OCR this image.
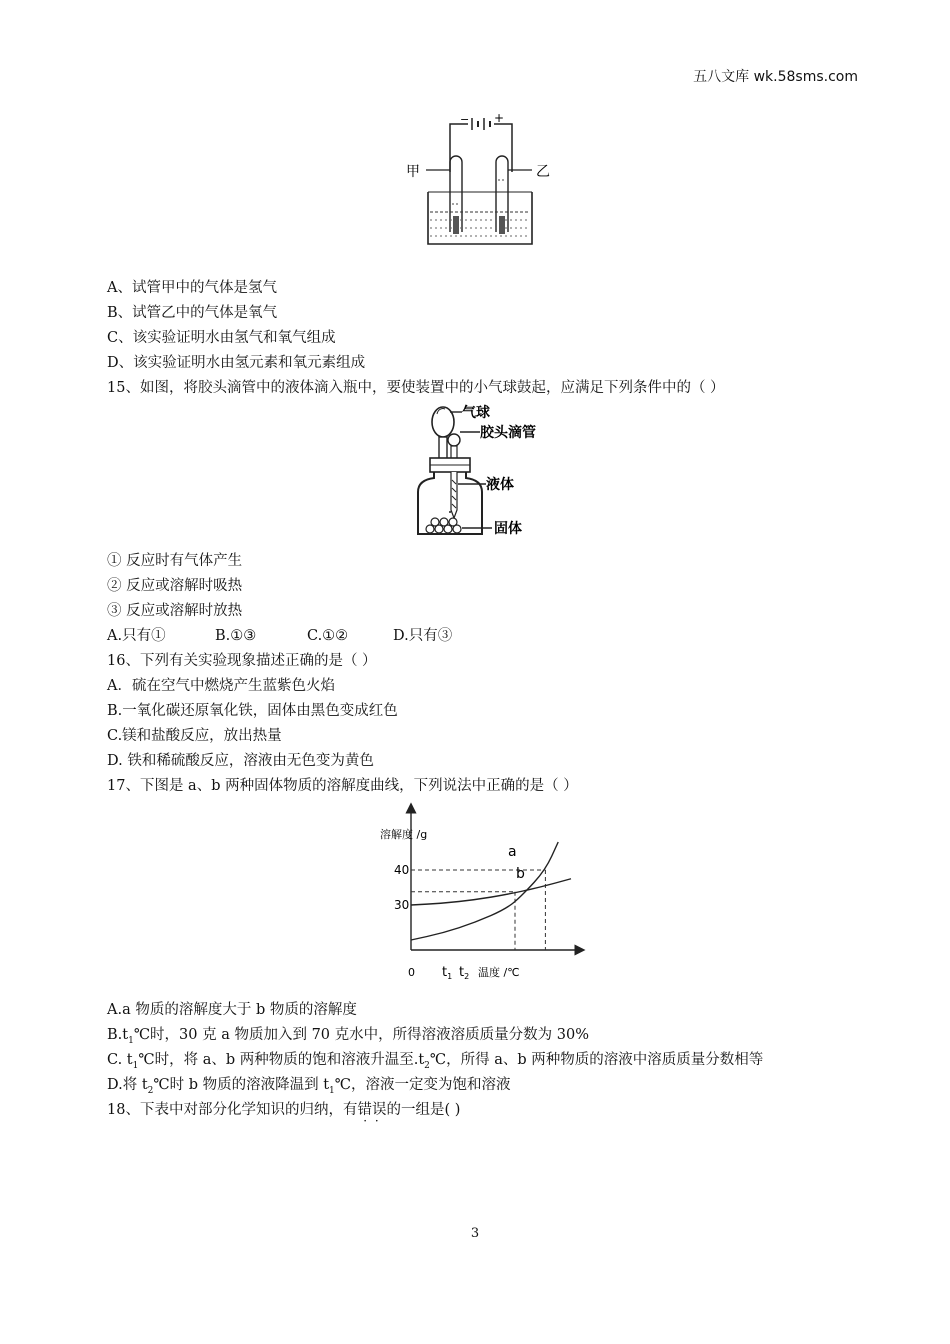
五八文库 wk.58sms.com
− +
甲	乙
A、试管甲中的气体是氢气
B、试管乙中的气体是氧气
C、该实验证明水由氢气和氧气组成
D、该实验证明水由氢元素和氧元素组成
15、如图，将胶头滴管中的液体滴入瓶中，要使装置中的小气球鼓起，应满足下列条件中的（ ）
气球
胶头滴管
液体
固体
① 反应时有气体产生
② 反应或溶解时吸热
③ 反应或溶解时放热
A.只有①	B.①③	C.①②	D.只有③
16、下列有关实验现象描述正确的是（ ）
A．硫在空气中燃烧产生蓝紫色火焰
B.一氧化碳还原氧化铁，固体由黑色变成红色
C.镁和盐酸反应，放出热量
D. 铁和稀硫酸反应，溶液由无色变为黄色
17、下图是 a、b 两种固体物质的溶解度曲线，下列说法中正确的是（ ）
溶解度 /g
40
30
0 $t_1$ $t_2$ 温度 /℃
a
b
A.a 物质的溶解度大于 b 物质的溶解度
$B.t_1℃$时，30 克 a 物质加入到 70 克水中，所得溶液溶质质量分数为 30%
C. $t_1℃$时，将 a、b 两种物质的饱和溶液升温至$.t_2℃$，所得 a、b 两种物质的溶液中溶质质量分数相等
D.将 $t_2℃$时 b 物质的溶液降温到 $t_1℃$，溶液一定变为饱和溶液
18、下表中对部分化学知识的归纳，有错误 · ·的一组是( )
3
